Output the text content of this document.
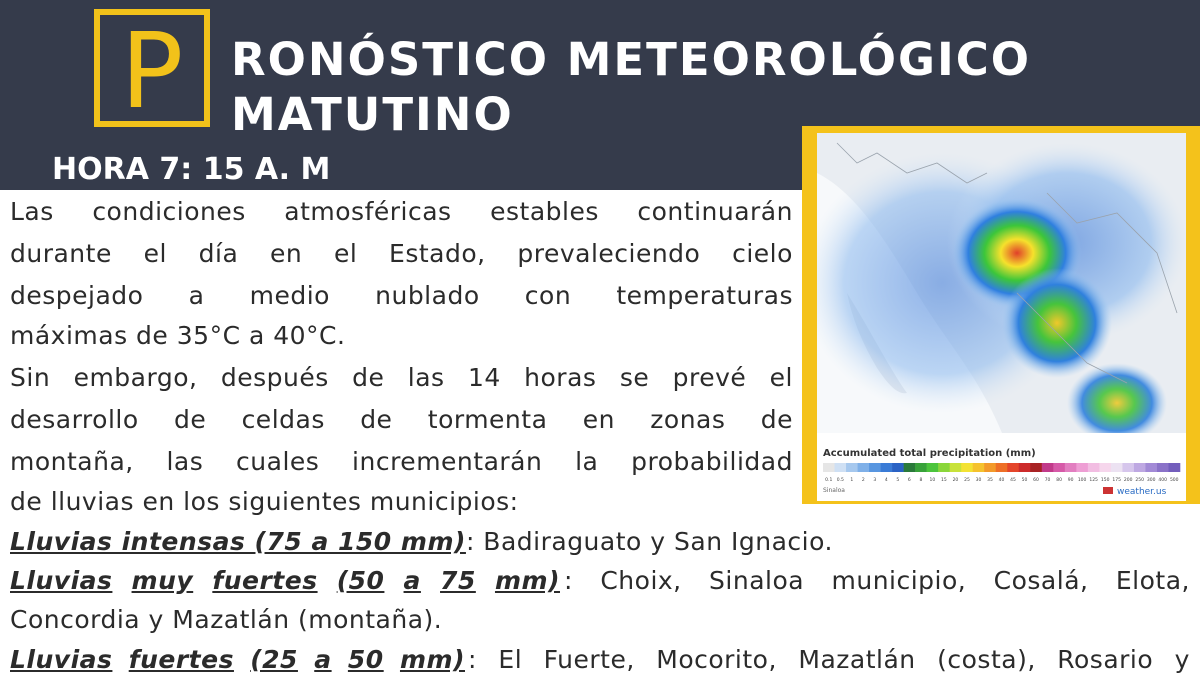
P	RONÓSTICO METEOROLÓGICO
MATUTINO
HORA 7: 15 A. M
Accumulated total precipitation (mm)
0.1 0.5 1 2 3 4 5 6 8 10 15 20 25 30 35 40 45 50 60 70 80 90 100 125 150 175 200 250 300 400 500
Sinaloa	weather.us
Las condiciones atmosféricas estables continuarán
durante el día en el Estado, prevaleciendo cielo
despejado a medio nublado con temperaturas
máximas de 35°C a 40°C.
Sin embargo, después de las 14 horas se prevé el
desarrollo de celdas de tormenta en zonas de
montaña, las cuales incrementarán la probabilidad
de lluvias en los siguientes municipios:
Lluvias intensas (75 a 150 mm): Badiraguato y San Ignacio.
Lluvias muy fuertes (50 a 75 mm) : Choix, Sinaloa municipio, Cosalá, Elota,
Concordia y Mazatlán (montaña).
Lluvias fuertes (25 a 50 mm) : El Fuerte, Mocorito, Mazatlán (costa), Rosario y
